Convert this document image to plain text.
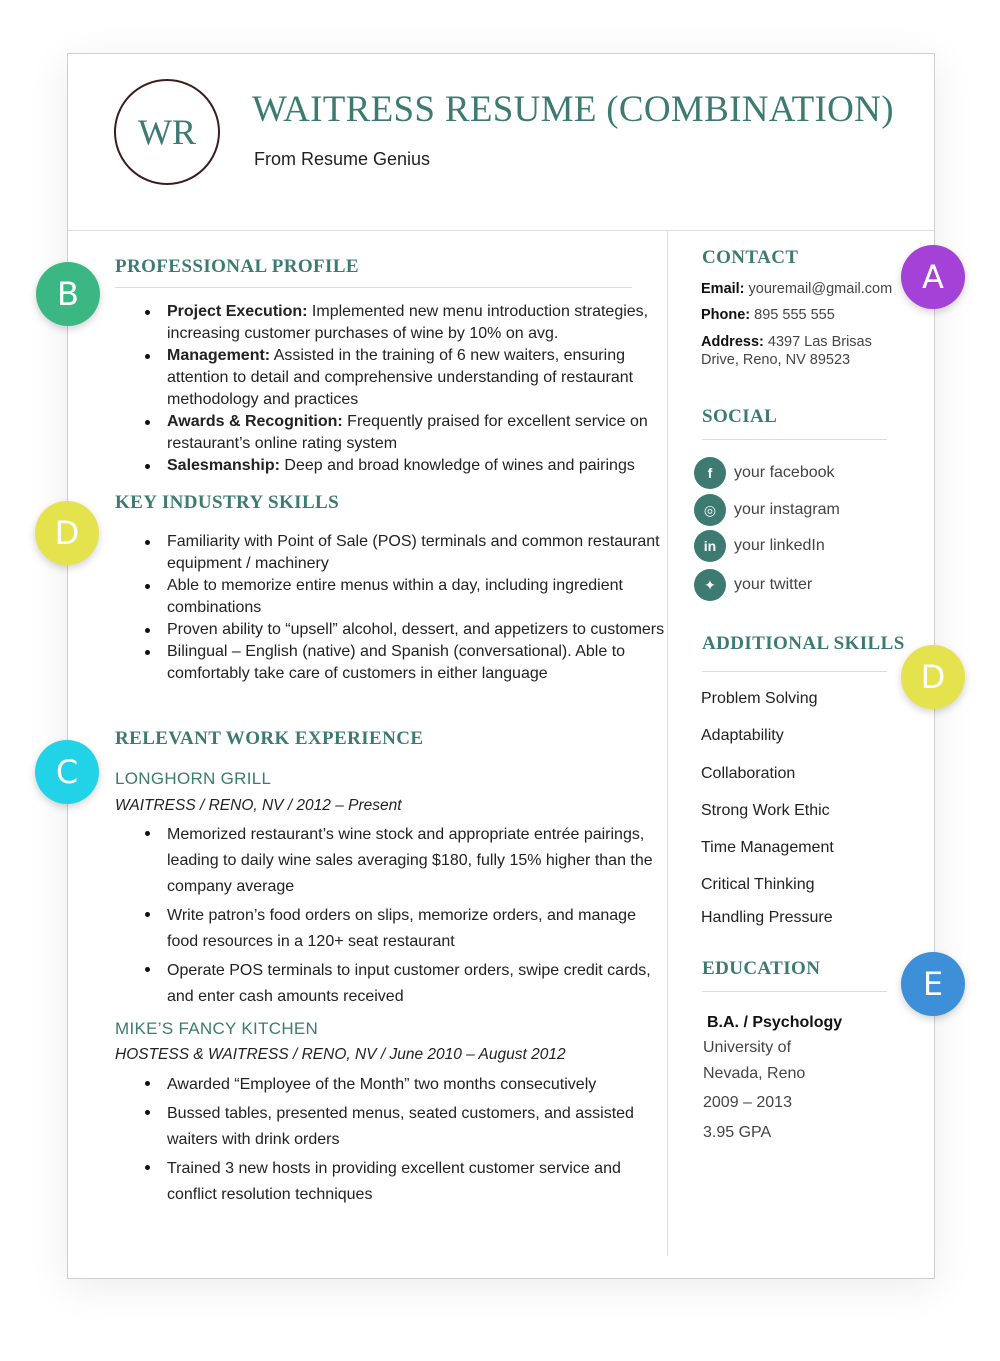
WR
WAITRESS RESUME (COMBINATION)
From Resume Genius
PROFESSIONAL PROFILE
Project Execution: Implemented new menu introduction strategies, increasing customer purchases of wine by 10% on avg.
Management: Assisted in the training of 6 new waiters, ensuring attention to detail and comprehensive understanding of restaurant methodology and practices
Awards & Recognition: Frequently praised for excellent service on restaurant’s online rating system
Salesmanship: Deep and broad knowledge of wines and pairings
KEY INDUSTRY SKILLS
Familiarity with Point of Sale (POS) terminals and common restaurant equipment / machinery
Able to memorize entire menus within a day, including ingredient combinations
Proven ability to “upsell” alcohol, dessert, and appetizers to customers
Bilingual – English (native) and Spanish (conversational). Able to comfortably take care of customers in either language
RELEVANT WORK EXPERIENCE
LONGHORN GRILL
WAITRESS / RENO, NV / 2012 – Present
Memorized restaurant’s wine stock and appropriate entrée pairings, leading to daily wine sales averaging $180, fully 15% higher than the company average
Write patron’s food orders on slips, memorize orders, and manage food resources in a 120+ seat restaurant
Operate POS terminals to input customer orders, swipe credit cards, and enter cash amounts received
MIKE’S FANCY KITCHEN
HOSTESS & WAITRESS / RENO, NV / June 2010 – August 2012
Awarded “Employee of the Month” two months consecutively
Bussed tables, presented menus, seated customers, and assisted waiters with drink orders
Trained 3 new hosts in providing excellent customer service and conflict resolution techniques
CONTACT
Email: youremail@gmail.com
Phone: 895 555 555
Address: 4397 Las Brisas Drive, Reno, NV 89523
SOCIAL
f	your facebook
◎	your instagram
in	your linkedIn
✦	your twitter
ADDITIONAL SKILLS
Problem Solving
Adaptability
Collaboration
Strong Work Ethic
Time Management
Critical Thinking
Handling Pressure
EDUCATION
B.A. / Psychology
University of
Nevada, Reno
2009 – 2013
3.95 GPA
A
B
D
C
D
E
